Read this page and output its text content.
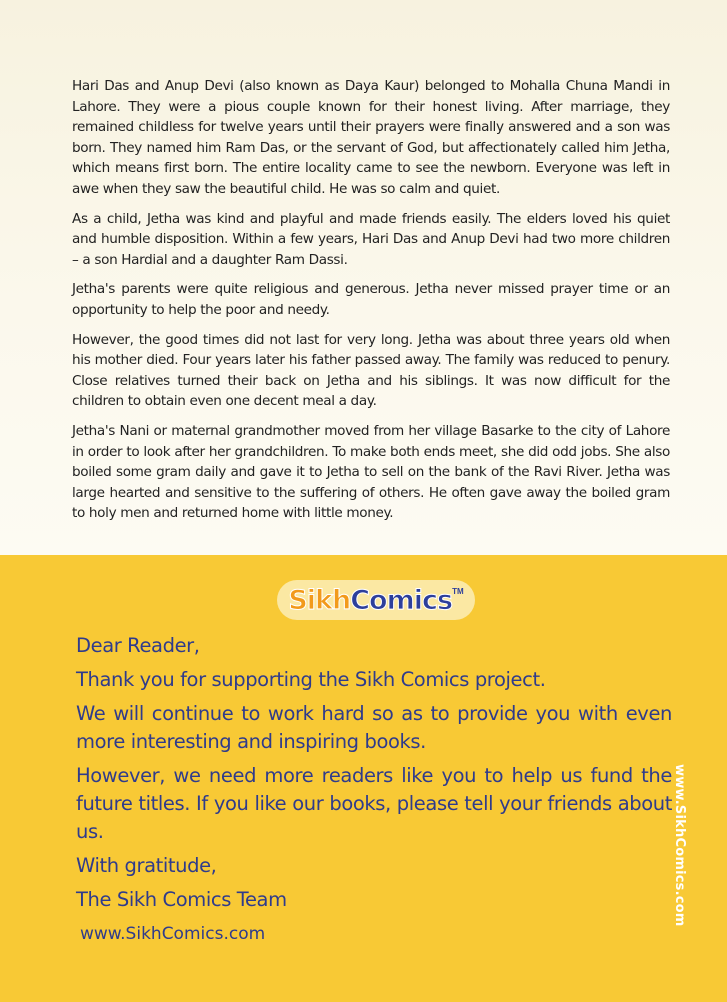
Hari Das and Anup Devi (also known as Daya Kaur) belonged to Mohalla Chuna Mandi in Lahore. They were a pious couple known for their honest living. After marriage, they remained childless for twelve years until their prayers were finally answered and a son was born. They named him Ram Das, or the servant of God, but affectionately called him Jetha, which means first born. The entire locality came to see the newborn. Everyone was left in awe when they saw the beautiful child. He was so calm and quiet.

As a child, Jetha was kind and playful and made friends easily. The elders loved his quiet and humble disposition. Within a few years, Hari Das and Anup Devi had two more children – a son Hardial and a daughter Ram Dassi.

Jetha's parents were quite religious and generous. Jetha never missed prayer time or an opportunity to help the poor and needy.

However, the good times did not last for very long. Jetha was about three years old when his mother died. Four years later his father passed away. The family was reduced to penury. Close relatives turned their back on Jetha and his siblings. It was now difficult for the children to obtain even one decent meal a day.

Jetha's Nani or maternal grandmother moved from her village Basarke to the city of Lahore in order to look after her grandchildren. To make both ends meet, she did odd jobs. She also boiled some gram daily and gave it to Jetha to sell on the bank of the Ravi River. Jetha was large hearted and sensitive to the suffering of others. He often gave away the boiled gram to holy men and returned home with little money.

Sikh Comics TM
Dear Reader,
Thank you for supporting the Sikh Comics project.
We will continue to work hard so as to provide you with even more interesting and inspiring books.
However, we need more readers like you to help us fund the future titles. If you like our books, please tell your friends about us.
With gratitude,
The Sikh Comics Team
www.SikhComics.com
www.SikhComics.com
